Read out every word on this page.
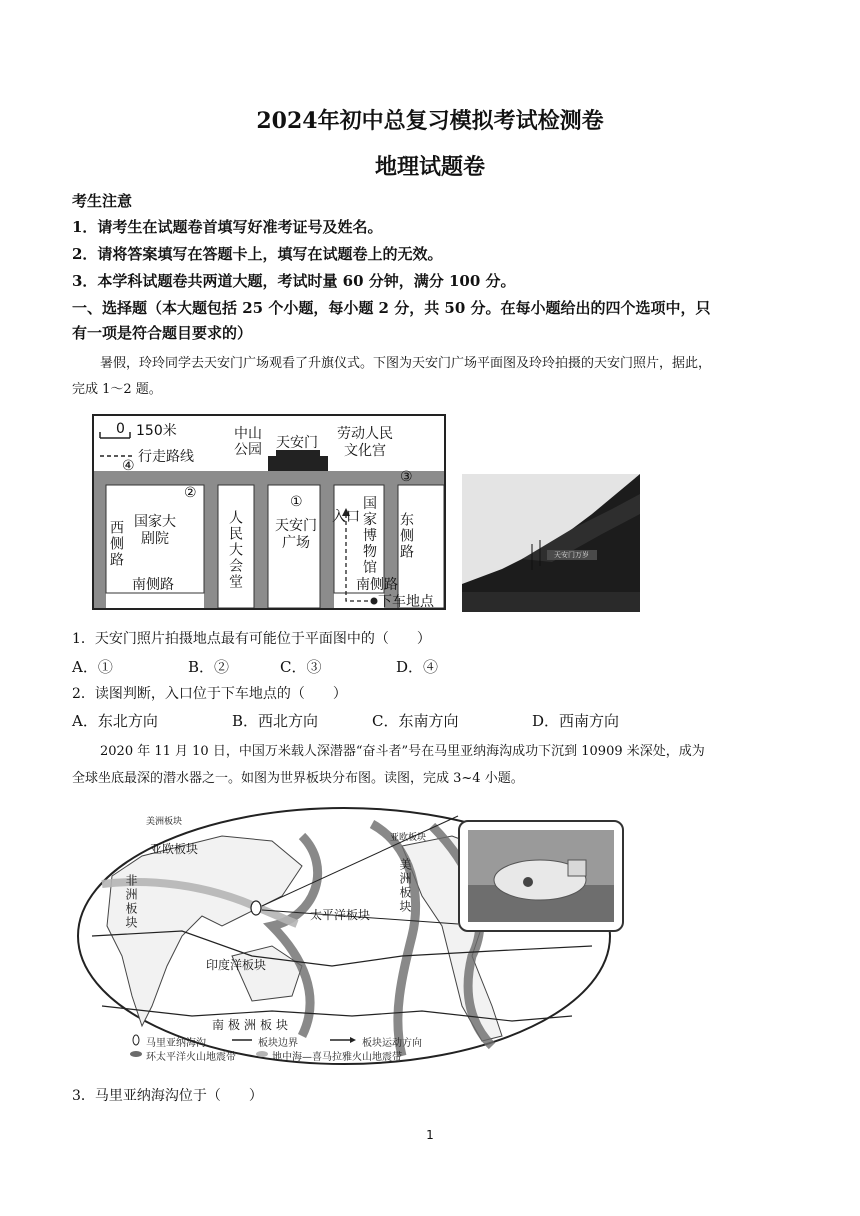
2024年初中总复习模拟考试检测卷
地理试题卷
考生注意
1．请考生在试题卷首填写好准考证号及姓名。
2．请将答案填写在答题卡上，填写在试题卷上的无效。
3．本学科试题卷共两道大题，考试时量 60 分钟，满分 100 分。
一、选择题（本大题包括 25 个小题，每小题 2 分，共 50 分。在每小题给出的四个选项中，只
有一项是符合题目要求的）
暑假，玲玲同学去天安门广场观看了升旗仪式。下图为天安门广场平面图及玲玲拍摄的天安门照片，据此，
完成 1～2 题。
0 150米
行走路线
中山公园 天安门
劳动人民文化宫
④
②
①
③
国家大剧院
西侧路
南侧路	人民大会堂 天安门广场
入口
国家博物馆
东侧路
南侧路
下车地点
天安门万岁
1．天安门照片拍摄地点最有可能位于平面图中的（　　）
A．①	B．②	C．③	D．④
2．读图判断，入口位于下车地点的（　　）
A．东北方向	B．西北方向	C．东南方向	D．西南方向
2020 年 11 月 10 日，中国万米载人深潜器“奋斗者”号在马里亚纳海沟成功下沉到 10909 米深处，成为
全球坐底最深的潜水器之一。如图为世界板块分布图。读图，完成 3~4 小题。
亚欧板块
非洲板块	太平洋板块
印度洋板块
南极洲板块
美洲板块
美洲板块
亚欧板块
马里亚纳海沟	板块边界	板块运动方向
环太平洋火山地震带	地中海—喜马拉雅火山地震带
3．马里亚纳海沟位于（　　）
1
